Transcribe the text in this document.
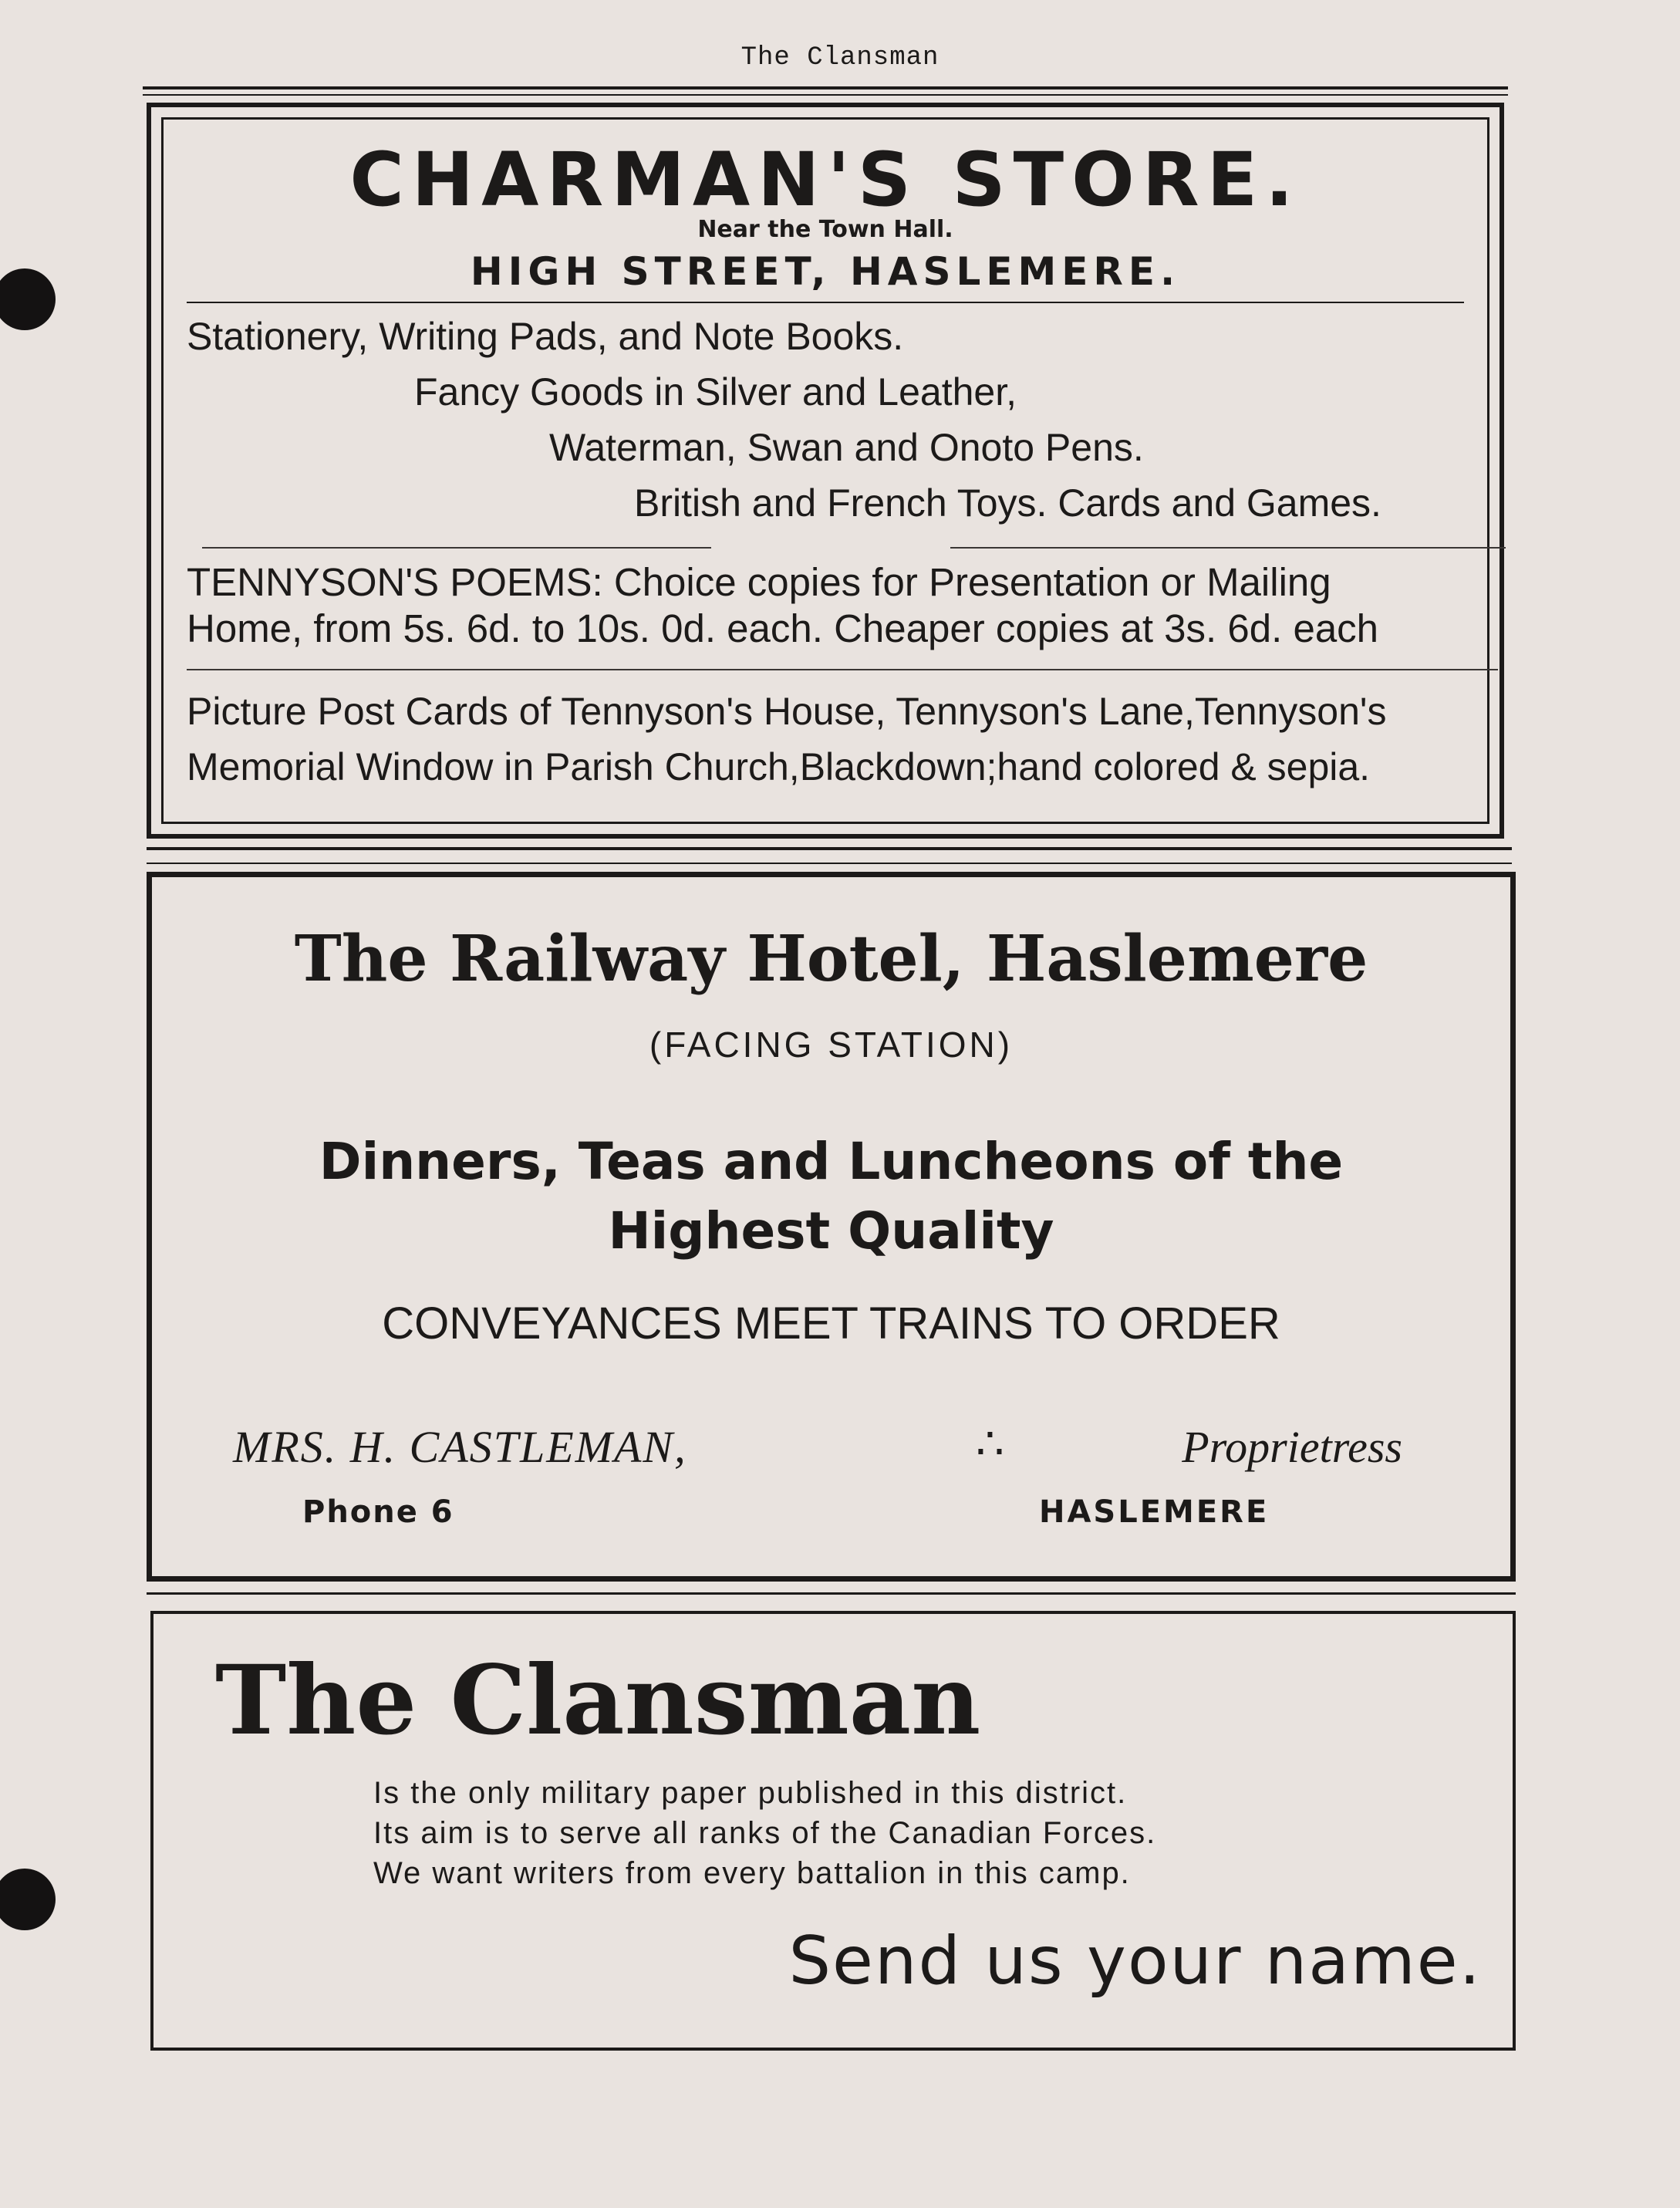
The Clansman
CHARMAN'S STORE.
Near the Town Hall.
HIGH STREET, HASLEMERE.
Stationery, Writing Pads, and Note Books.
Fancy Goods in Silver and Leather,
Waterman, Swan and Onoto Pens.
British and French Toys. Cards and Games.
TENNYSON'S POEMS: Choice copies for Presentation or Mailing
Home, from 5s. 6d. to 10s. 0d. each. Cheaper copies at 3s. 6d. each
Picture Post Cards of Tennyson's House, Tennyson's Lane,Tennyson's
Memorial Window in Parish Church,Blackdown;hand colored & sepia.
The Railway Hotel, Haslemere
(FACING STATION)
Dinners, Teas and Luncheons of the
Highest Quality
CONVEYANCES MEET TRAINS TO ORDER
MRS. H. CASTLEMAN,	∴	Proprietress
Phone 6	HASLEMERE
The Clansman
Is the only military paper published in this district.
Its aim is to serve all ranks of the Canadian Forces.
We want writers from every battalion in this camp.
Send us your name.
